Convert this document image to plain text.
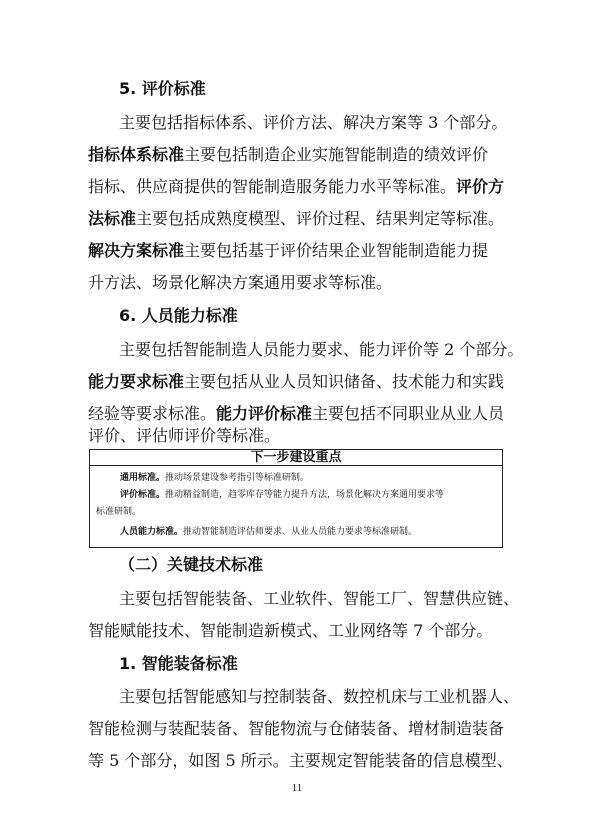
5. 评价标准
主要包括指标体系、评价方法、解决方案等 3 个部分。
指标体系标准主要包括制造企业实施智能制造的绩效评价
指标、供应商提供的智能制造服务能力水平等标准。评价方
法标准主要包括成熟度模型、评价过程、结果判定等标准。
解决方案标准主要包括基于评价结果企业智能制造能力提
升方法、场景化解决方案通用要求等标准。
6. 人员能力标准
主要包括智能制造人员能力要求、能力评价等 2 个部分。
能力要求标准主要包括从业人员知识储备、技术能力和实践
经验等要求标准。能力评价标准主要包括不同职业从业人员
评价、评估师评价等标准。
下一步建设重点
通用标准。推动场景建设参考指引等标准研制。
评价标准。推动精益制造，趋零库存等能力提升方法，场景化解决方案通用要求等
标准研制。
人员能力标准。推动智能制造评估师要求、从业人员能力要求等标准研制。
（二）关键技术标准
主要包括智能装备、工业软件、智能工厂、智慧供应链、
智能赋能技术、智能制造新模式、工业网络等 7 个部分。
1. 智能装备标准
主要包括智能感知与控制装备、数控机床与工业机器人、
智能检测与装配装备、智能物流与仓储装备、增材制造装备
等 5 个部分，如图 5 所示。主要规定智能装备的信息模型、
11
